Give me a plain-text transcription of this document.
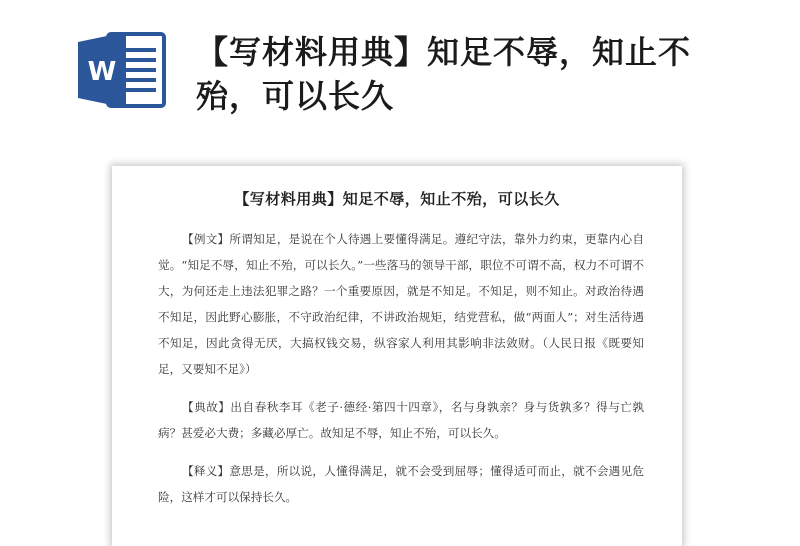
W
【写材料用典】知足不辱，知止不殆，可以长久
【写材料用典】知足不辱，知止不殆，可以长久

【例文】所谓知足，是说在个人待遇上要懂得满足。遵纪守法，靠外力约束，更靠内心自觉。“知足不辱，知止不殆，可以长久。”一些落马的领导干部，职位不可谓不高，权力不可谓不大，为何还走上违法犯罪之路？一个重要原因，就是不知足。不知足，则不知止。对政治待遇不知足，因此野心膨胀，不守政治纪律，不讲政治规矩，结党营私，做“两面人”；对生活待遇不知足，因此贪得无厌，大搞权钱交易，纵容家人利用其影响非法敛财。（人民日报《既要知足，又要知不足》）

【典故】出自春秋李耳《老子·德经·第四十四章》，名与身孰亲？身与货孰多？得与亡孰病？甚爱必大费；多藏必厚亡。故知足不辱，知止不殆，可以长久。

【释义】意思是，所以说，人懂得满足，就不会受到屈辱；懂得适可而止，就不会遇见危险，这样才可以保持长久。
